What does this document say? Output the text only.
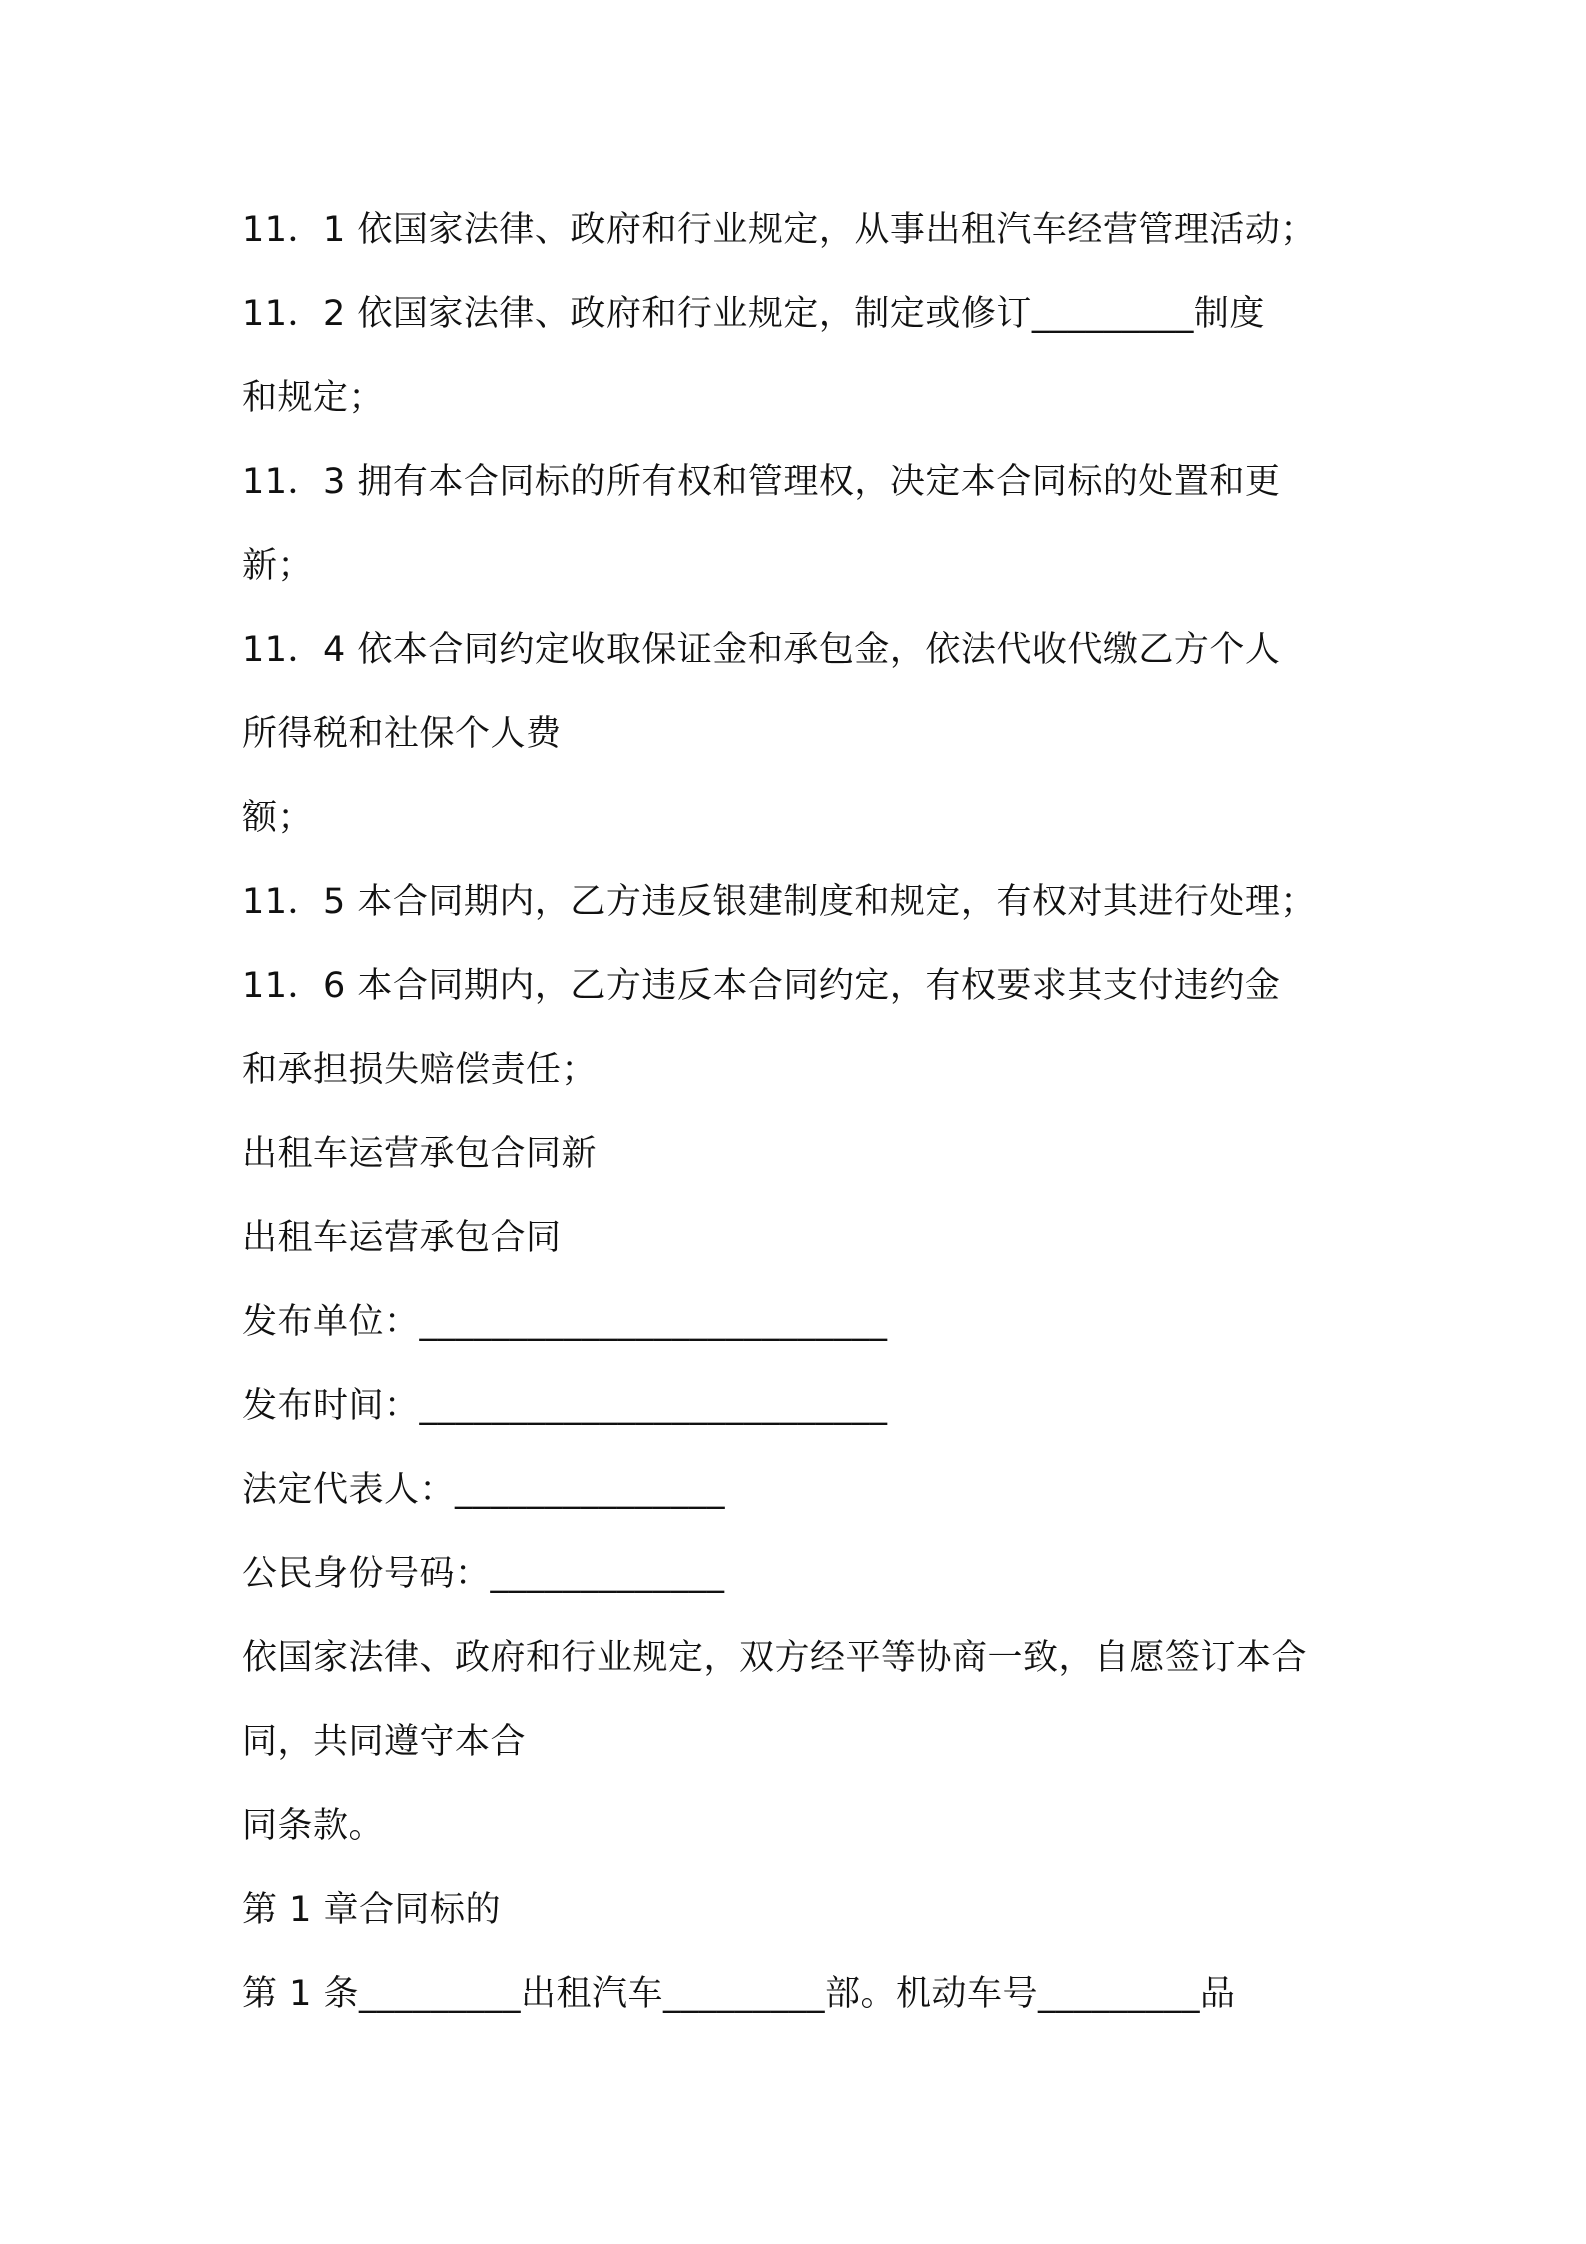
11．1 依国家法律、政府和行业规定，从事出租汽车经营管理活动；
11．2 依国家法律、政府和行业规定，制定或修订_________制度
和规定；
11．3 拥有本合同标的所有权和管理权，决定本合同标的处置和更
新；
11．4 依本合同约定收取保证金和承包金，依法代收代缴乙方个人
所得税和社保个人费
额；
11．5 本合同期内，乙方违反银建制度和规定，有权对其进行处理；
11．6 本合同期内，乙方违反本合同约定，有权要求其支付违约金
和承担损失赔偿责任；
出租车运营承包合同新
出租车运营承包合同
发布单位：__________________________
发布时间：__________________________
法定代表人：_______________
公民身份号码：_____________
依国家法律、政府和行业规定，双方经平等协商一致，自愿签订本合
同，共同遵守本合
同条款。
第 1 章合同标的
第 1 条_________出租汽车_________部。机动车号_________品
